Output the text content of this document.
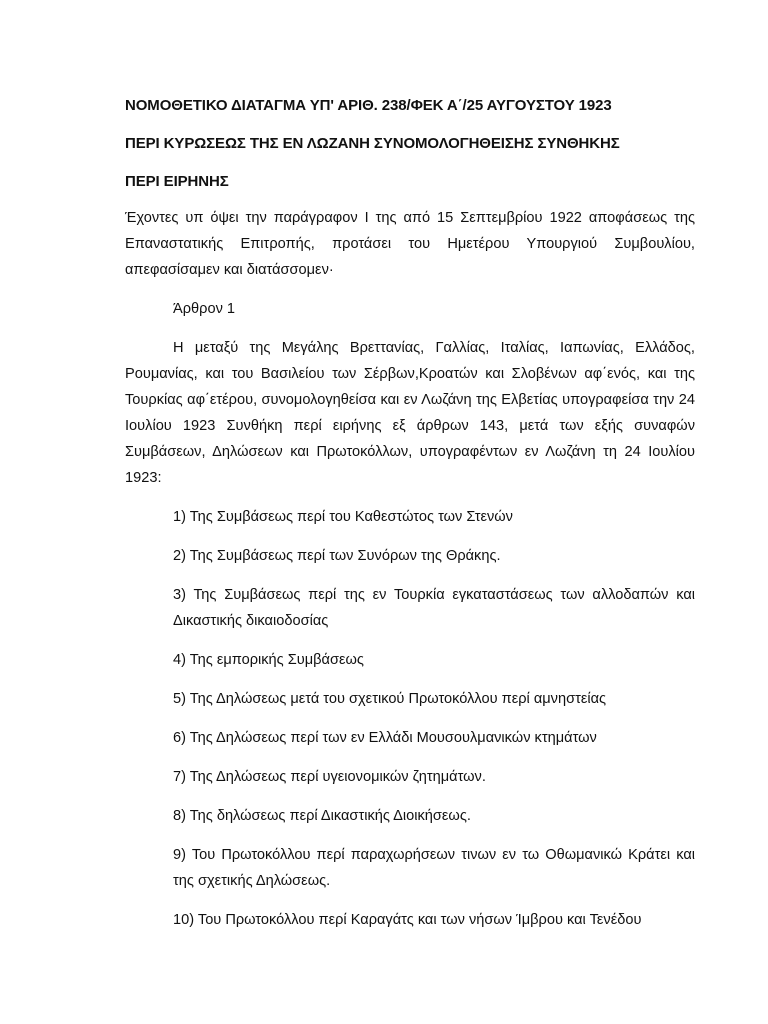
ΝΟΜΟΘΕΤΙΚΟ ΔΙΑΤΑΓΜΑ ΥΠ' ΑΡΙΘ. 238/ΦΕΚ Α΄/25 ΑΥΓΟΥΣΤΟΥ 1923

ΠΕΡΙ ΚΥΡΩΣΕΩΣ ΤΗΣ ΕΝ ΛΩΖΑΝΗ ΣΥΝΟΜΟΛΟΓΗΘΕΙΣΗΣ ΣΥΝΘΗΚΗΣ

ΠΕΡΙ ΕΙΡΗΝΗΣ

Έχοντες υπ όψει την παράγραφον Ι της από 15 Σεπτεμβρίου 1922 αποφάσεως της Επαναστατικής Επιτροπής, προτάσει του Ημετέρου Υπουργιού Συμβουλίου, απεφασίσαμεν και διατάσσομεν·

Άρθρον 1

Η μεταξύ της Μεγάλης Βρεττανίας, Γαλλίας, Ιταλίας, Ιαπωνίας, Ελλάδος, Ρουμανίας, και του Βασιλείου των Σέρβων,Κροατών και Σλοβένων αφ΄ενός, και της Τουρκίας αφ΄ετέρου, συνομολογηθείσα και εν Λωζάνη της Ελβετίας υπογραφείσα την 24 Ιουλίου 1923 Συνθήκη περί ειρήνης εξ άρθρων 143, μετά των εξής συναφών Συμβάσεων, Δηλώσεων και Πρωτοκόλλων, υπογραφέντων εν Λωζάνη τη 24 Ιουλίου 1923:

1) Της Συμβάσεως περί του Καθεστώτος των Στενών
2) Της Συμβάσεως περί των Συνόρων της Θράκης.
3) Της Συμβάσεως περί της εν Τουρκία εγκαταστάσεως των αλλοδαπών και Δικαστικής δικαιοδοσίας
4) Της εμπορικής Συμβάσεως
5) Της Δηλώσεως μετά του σχετικού Πρωτοκόλλου περί αμνηστείας
6) Της Δηλώσεως περί των εν Ελλάδι Μουσουλμανικών κτημάτων
7) Της Δηλώσεως περί υγειονομικών ζητημάτων.
8) Της δηλώσεως περί Δικαστικής Διοικήσεως.
9) Του Πρωτοκόλλου περί παραχωρήσεων τινων εν τω Οθωμανικώ Κράτει και της σχετικής Δηλώσεως.
10) Του Πρωτοκόλλου περί Καραγάτς και των νήσων Ίμβρου και Τενέδου
